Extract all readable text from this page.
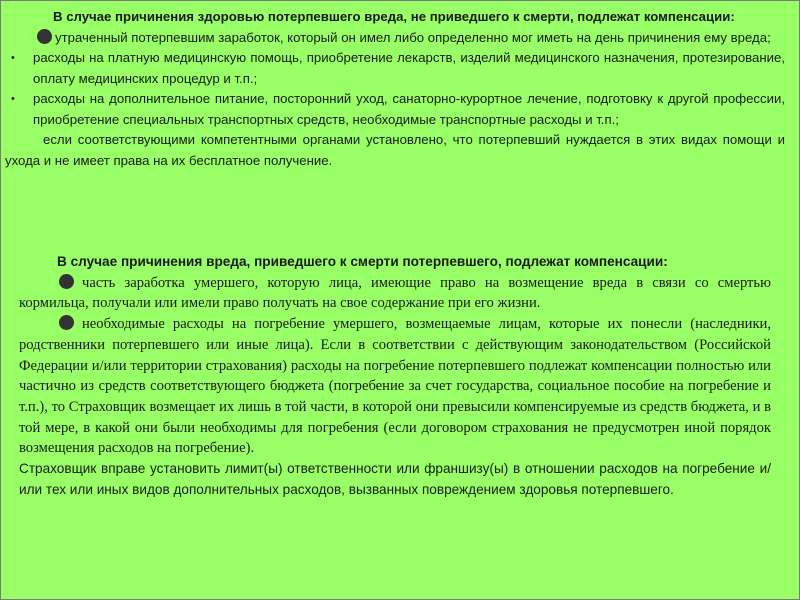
В случае причинения здоровью потерпевшего вреда, не приведшего к смерти, подлежат компенсации:

утраченный потерпевшим заработок, который он имел либо определенно мог иметь на день причинения ему вреда;

• расходы на платную медицинскую помощь, приобретение лекарств, изделий медицинского назначения, протезирование, оплату медицинских процедур и т.п.;
• расходы на дополнительное питание, посторонний уход, санаторно-курортное лечение, подготовку к другой профессии, приобретение специальных транспортных средств, необходимые транспортные расходы и т.п.;

если соответствующими компетентными органами установлено, что потерпевший нуждается в этих видах помощи и ухода и не имеет права на их бесплатное получение.

В случае причинения вреда, приведшего к смерти потерпевшего, подлежат компенсации:

часть заработка умершего, которую лица, имеющие право на возмещение вреда в связи со смертью кормильца, получали или имели право получать на свое содержание при его жизни.

необходимые расходы на погребение умершего, возмещаемые лицам, которые их понесли (наследники, родственники потерпевшего или иные лица). Если в соответствии с действующим законодательством (Российской Федерации и/или территории страхования) расходы на погребение потерпевшего подлежат компенсации полностью или частично из средств соответствующего бюджета (погребение за счет государства, социальное пособие на погребение и т.п.), то Страховщик возмещает их лишь в той части, в которой они превысили компенсируемые из средств бюджета, и в той мере, в какой они были необходимы для погребения (если договором страхования не предусмотрен иной порядок возмещения расходов на погребение).

Страховщик вправе установить лимит(ы) ответственности или франшизу(ы) в отношении расходов на погребение и/или тех или иных видов дополнительных расходов, вызванных повреждением здоровья потерпевшего.
